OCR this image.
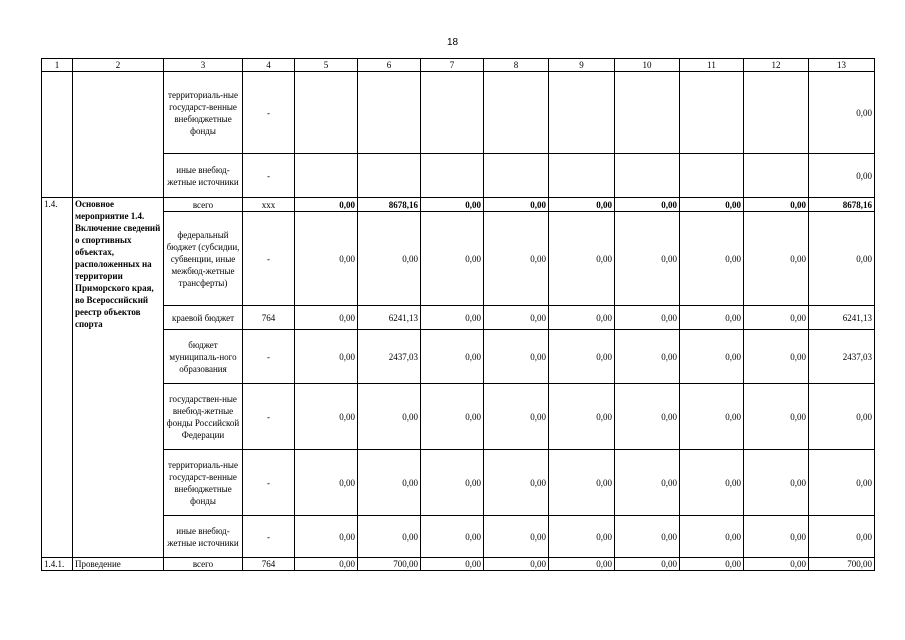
18
1	2	3	4	5	6	7	8	9	10	11	12	13
		территориаль-ные государст-венные внебюджетные фонды	-									0,00
		иные внебюд-жетные источники	-									0,00
1.4.	Основное мероприятие 1.4. Включение сведений о спортивных объектах, расположенных на территории Приморского края, во Всероссийский реестр объектов спорта	всего	ххх	0,00	8678,16	0,00	0,00	0,00	0,00	0,00	0,00	8678,16
		федеральный бюджет (субсидии, субвенции, иные межбюд-жетные трансферты)	-	0,00	0,00	0,00	0,00	0,00	0,00	0,00	0,00	0,00
		краевой бюджет	764	0,00	6241,13	0,00	0,00	0,00	0,00	0,00	0,00	6241,13
		бюджет муниципаль-ного образования	-	0,00	2437,03	0,00	0,00	0,00	0,00	0,00	0,00	2437,03
		государствен-ные внебюд-жетные фонды Российской Федерации	-	0,00	0,00	0,00	0,00	0,00	0,00	0,00	0,00	0,00
		территориаль-ные государст-венные внебюджетные фонды	-	0,00	0,00	0,00	0,00	0,00	0,00	0,00	0,00	0,00
		иные внебюд-жетные источники	-	0,00	0,00	0,00	0,00	0,00	0,00	0,00	0,00	0,00
1.4.1.	Проведение	всего	764	0,00	700,00	0,00	0,00	0,00	0,00	0,00	0,00	700,00
